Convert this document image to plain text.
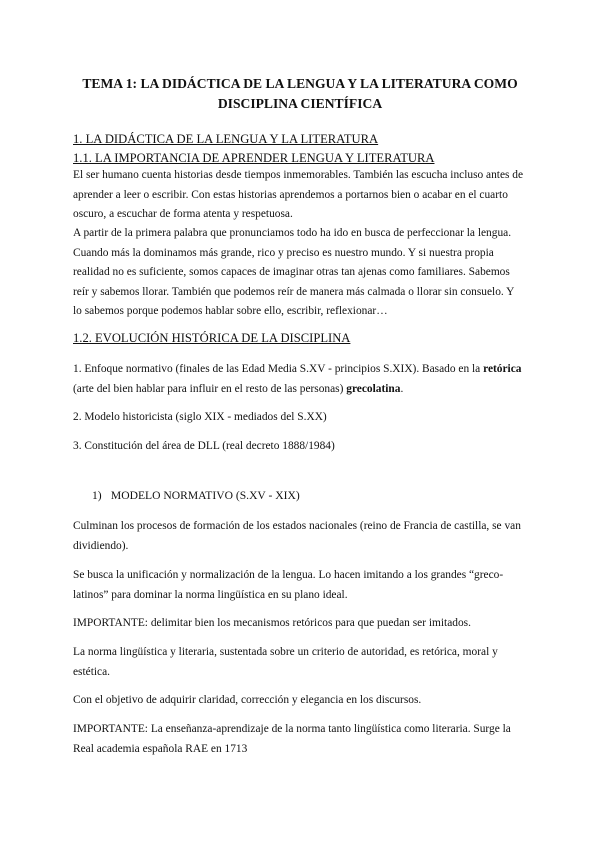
TEMA 1: LA DIDÁCTICA DE LA LENGUA Y LA LITERATURA COMO
DISCIPLINA CIENTÍFICA

1. LA DIDÁCTICA DE LA LENGUA Y LA LITERATURA

1.1. LA IMPORTANCIA DE APRENDER LENGUA Y LITERATURA

El ser humano cuenta historias desde tiempos inmemorables. También las escucha incluso antes de aprender a leer o escribir. Con estas historias aprendemos a portarnos bien o acabar en el cuarto oscuro, a escuchar de forma atenta y respetuosa.

A partir de la primera palabra que pronunciamos todo ha ido en busca de perfeccionar la lengua. Cuando más la dominamos más grande, rico y preciso es nuestro mundo. Y si nuestra propia realidad no es suficiente, somos capaces de imaginar otras tan ajenas como familiares. Sabemos reír y sabemos llorar. También que podemos reír de manera más calmada o llorar sin consuelo. Y lo sabemos porque podemos hablar sobre ello, escribir, reflexionar…

1.2. EVOLUCIÓN HISTÓRICA DE LA DISCIPLINA

1. Enfoque normativo (finales de las Edad Media S.XV - principios S.XIX). Basado en la retórica (arte del bien hablar para influir en el resto de las personas) grecolatina.

2. Modelo historicista (siglo XIX - mediados del S.XX)

3. Constitución del área de DLL (real decreto 1888/1984)

1) MODELO NORMATIVO (S.XV - XIX)

Culminan los procesos de formación de los estados nacionales (reino de Francia de castilla, se van dividiendo).

Se busca la unificación y normalización de la lengua. Lo hacen imitando a los grandes “greco-latinos” para dominar la norma lingüística en su plano ideal.

IMPORTANTE: delimitar bien los mecanismos retóricos para que puedan ser imitados.

La norma lingüística y literaria, sustentada sobre un criterio de autoridad, es retórica, moral y estética.

Con el objetivo de adquirir claridad, corrección y elegancia en los discursos.

IMPORTANTE: La enseñanza-aprendizaje de la norma tanto lingüística como literaria. Surge la Real academia española RAE en 1713
